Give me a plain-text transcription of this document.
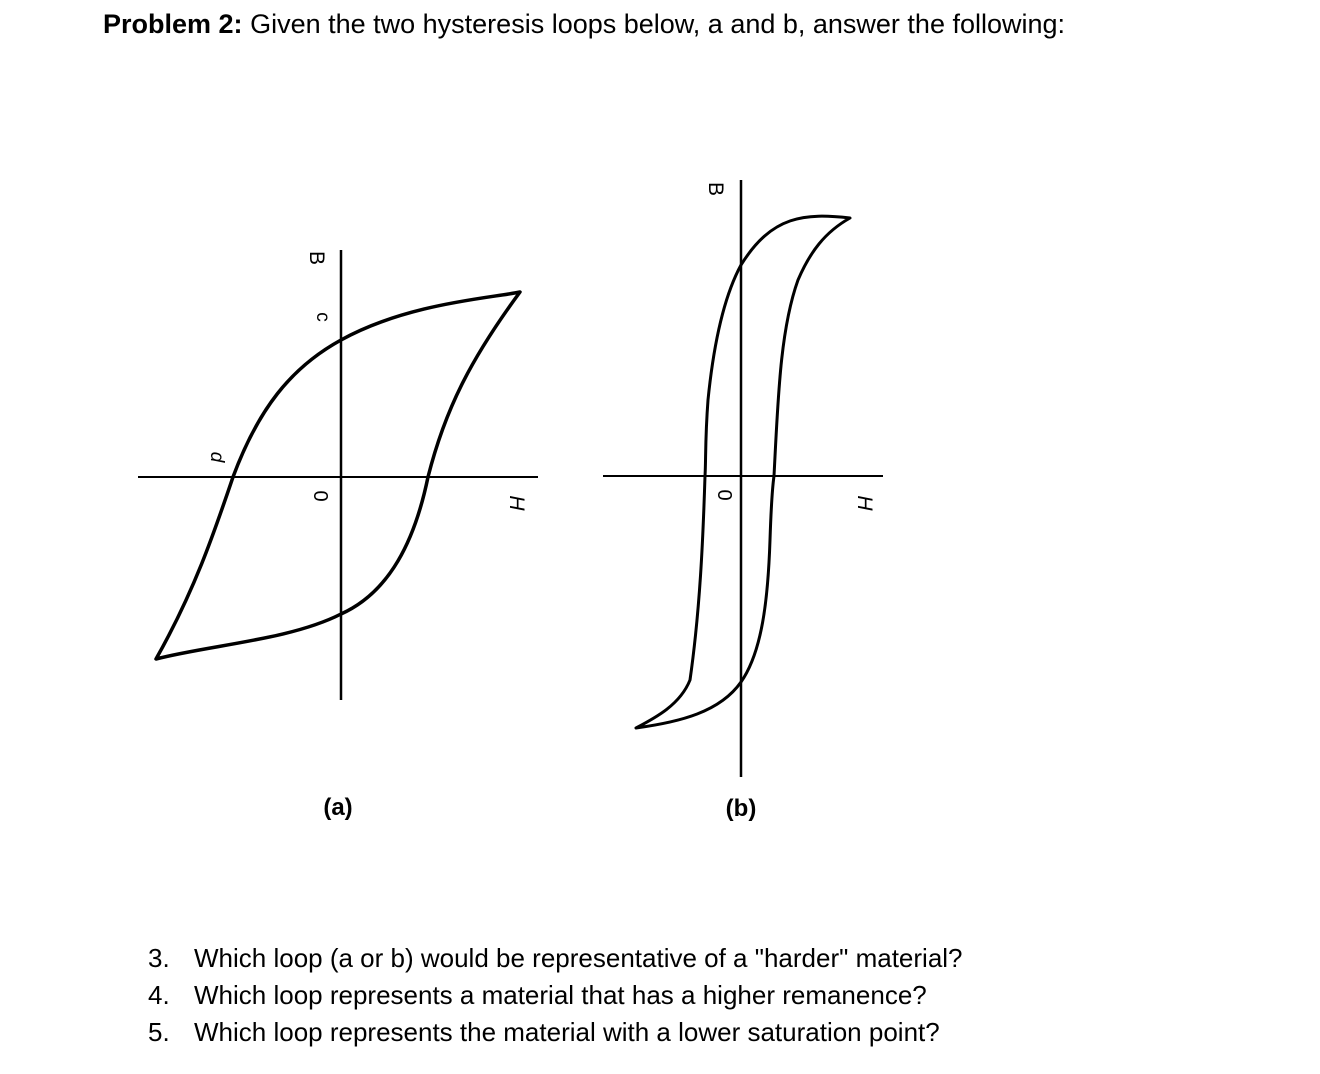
Problem 2: Given the two hysteresis loops below, a and b, answer the following:
B
c
d
0	H
(a)
B
0
H
(b)
3. Which loop (a or b) would be representative of a "harder" material?
4. Which loop represents a material that has a higher remanence?
5. Which loop represents the material with a lower saturation point?
